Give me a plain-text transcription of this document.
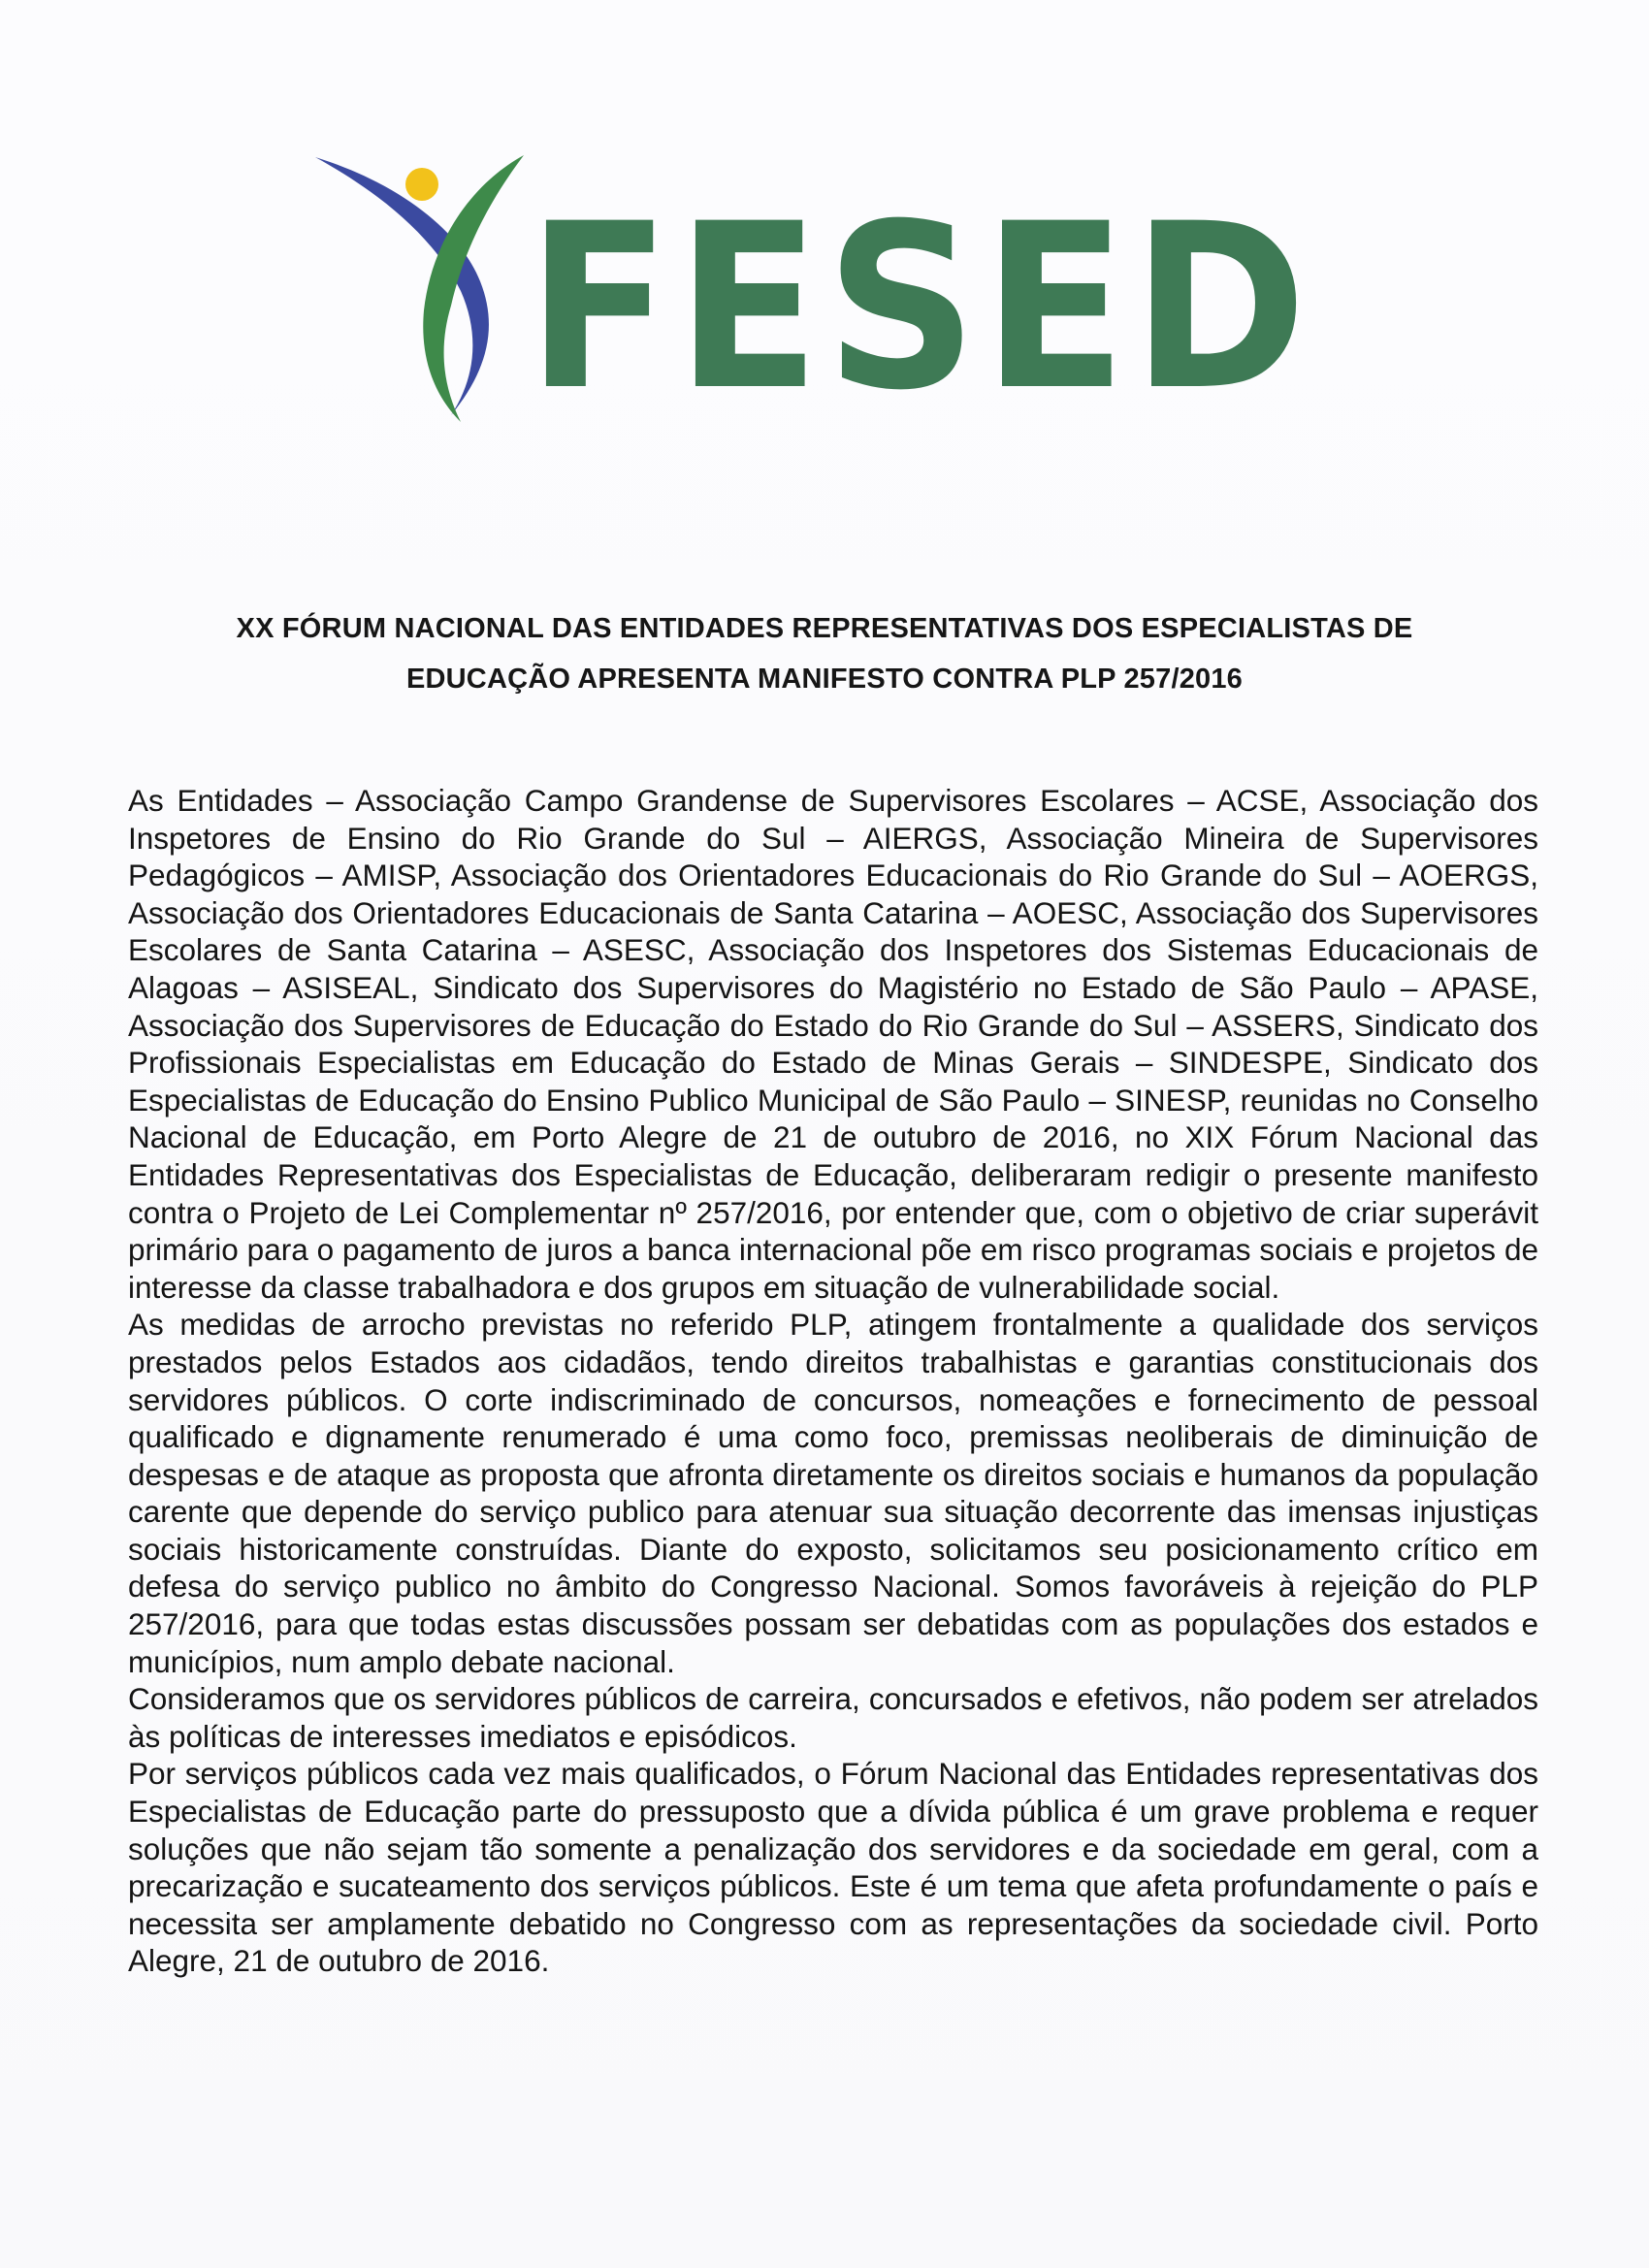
FESED
XX FÓRUM NACIONAL DAS ENTIDADES REPRESENTATIVAS DOS ESPECIALISTAS DE
EDUCAÇÃO APRESENTA MANIFESTO CONTRA PLP 257/2016

As Entidades – Associação Campo Grandense de Supervisores Escolares – ACSE, Associação dos Inspetores de Ensino do Rio Grande do Sul – AIERGS, Associação Mineira de Supervisores Pedagógicos – AMISP, Associação dos Orientadores Educacionais do Rio Grande do Sul – AOERGS, Associação dos Orientadores Educacionais de Santa Catarina – AOESC, Associação dos Supervisores Escolares de Santa Catarina – ASESC, Associação dos Inspetores dos Sistemas Educacionais de Alagoas – ASISEAL, Sindicato dos Supervisores do Magistério no Estado de São Paulo – APASE, Associação dos Supervisores de Educação do Estado do Rio Grande do Sul – ASSERS, Sindicato dos Profissionais Especialistas em Educação do Estado de Minas Gerais – SINDESPE, Sindicato dos Especialistas de Educação do Ensino Publico Municipal de São Paulo – SINESP, reunidas no Conselho Nacional de Educação, em Porto Alegre de 21 de outubro de 2016, no XIX Fórum Nacional das Entidades Representativas dos Especialistas de Educação, deliberaram redigir o presente manifesto contra o Projeto de Lei Complementar nº 257/2016, por entender que, com o objetivo de criar superávit primário para o pagamento de juros a banca internacional põe em risco programas sociais e projetos de interesse da classe trabalhadora e dos grupos em situação de vulnerabilidade social.

As medidas de arrocho previstas no referido PLP, atingem frontalmente a qualidade dos serviços prestados pelos Estados aos cidadãos, tendo direitos trabalhistas e garantias constitucionais dos servidores públicos. O corte indiscriminado de concursos, nomeações e fornecimento de pessoal qualificado e dignamente renumerado é uma como foco, premissas neoliberais de diminuição de despesas e de ataque as proposta que afronta diretamente os direitos sociais e humanos da população carente que depende do serviço publico para atenuar sua situação decorrente das imensas injustiças sociais historicamente construídas. Diante do exposto, solicitamos seu posicionamento crítico em defesa do serviço publico no âmbito do Congresso Nacional. Somos favoráveis à rejeição do PLP 257/2016, para que todas estas discussões possam ser debatidas com as populações dos estados e municípios, num amplo debate nacional.

Consideramos que os servidores públicos de carreira, concursados e efetivos, não podem ser atrelados às políticas de interesses imediatos e episódicos.

Por serviços públicos cada vez mais qualificados, o Fórum Nacional das Entidades representativas dos Especialistas de Educação parte do pressuposto que a dívida pública é um grave problema e requer soluções que não sejam tão somente a penalização dos servidores e da sociedade em geral, com a precarização e sucateamento dos serviços públicos. Este é um tema que afeta profundamente o país e necessita ser amplamente debatido no Congresso com as representações da sociedade civil. Porto Alegre, 21 de outubro de 2016.
